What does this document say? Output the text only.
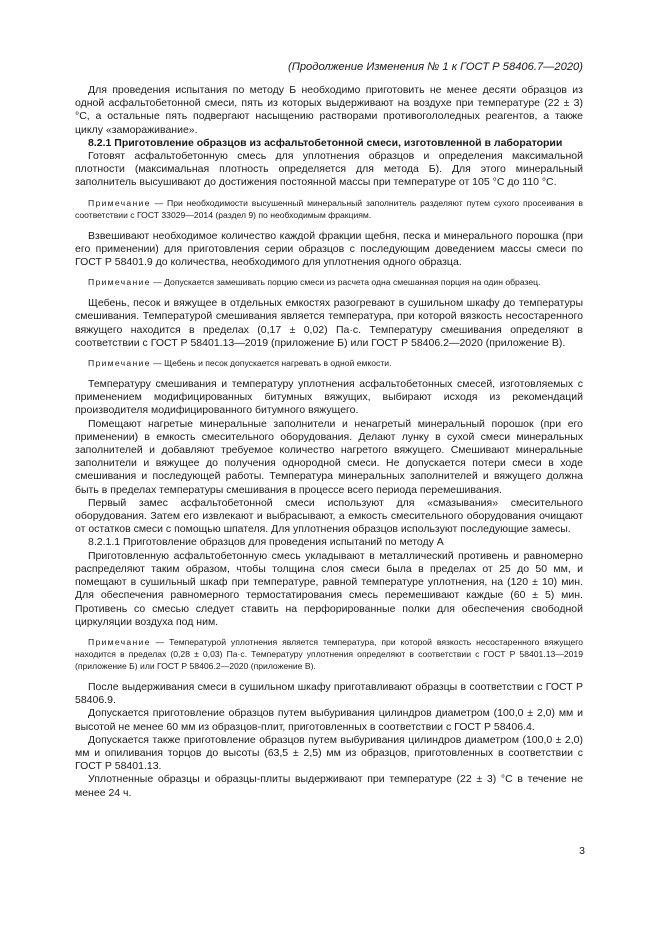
(Продолжение Изменения № 1 к ГОСТ Р 58406.7—2020)

Для проведения испытания по методу Б необходимо приготовить не менее десяти образцов из одной асфальтобетонной смеси, пять из которых выдерживают на воздухе при температуре (22 ± 3) °С, а остальные пять подвергают насыщению растворами противогололедных реагентов, а также циклу «замораживание».

8.2.1 Приготовление образцов из асфальтобетонной смеси, изготовленной в лаборатории

Готовят асфальтобетонную смесь для уплотнения образцов и определения максимальной плотности (максимальная плотность определяется для метода Б). Для этого минеральный заполнитель высушивают до достижения постоянной массы при температуре от 105 °С до 110 °С.

Примечание — При необходимости высушенный минеральный заполнитель разделяют путем сухого просеивания в соответствии с ГОСТ 33029—2014 (раздел 9) по необходимым фракциям.

Взвешивают необходимое количество каждой фракции щебня, песка и минерального порошка (при его применении) для приготовления серии образцов с последующим доведением массы смеси по ГОСТ Р 58401.9 до количества, необходимого для уплотнения одного образца.

Примечание — Допускается замешивать порцию смеси из расчета одна смешанная порция на один образец.

Щебень, песок и вяжущее в отдельных емкостях разогревают в сушильном шкафу до температуры смешивания. Температурой смешивания является температура, при которой вязкость несостаренного вяжущего находится в пределах (0,17 ± 0,02) Па·с. Температуру смешивания определяют в соответствии с ГОСТ Р 58401.13—2019 (приложение Б) или ГОСТ Р 58406.2—2020 (приложение В).

Примечание — Щебень и песок допускается нагревать в одной емкости.

Температуру смешивания и температуру уплотнения асфальтобетонных смесей, изготовляемых с применением модифицированных битумных вяжущих, выбирают исходя из рекомендаций производителя модифицированного битумного вяжущего.

Помещают нагретые минеральные заполнители и ненагретый минеральный порошок (при его применении) в емкость смесительного оборудования. Делают лунку в сухой смеси минеральных заполнителей и добавляют требуемое количество нагретого вяжущего. Смешивают минеральные заполнители и вяжущее до получения однородной смеси. Не допускается потери смеси в ходе смешивания и последующей работы. Температура минеральных заполнителей и вяжущего должна быть в пределах температуры смешивания в процессе всего периода перемешивания.

Первый замес асфальтобетонной смеси используют для «смазывания» смесительного оборудования. Затем его извлекают и выбрасывают, а емкость смесительного оборудования очищают от остатков смеси с помощью шпателя. Для уплотнения образцов используют последующие замесы.

8.2.1.1 Приготовление образцов для проведения испытаний по методу А

Приготовленную асфальтобетонную смесь укладывают в металлический противень и равномерно распределяют таким образом, чтобы толщина слоя смеси была в пределах от 25 до 50 мм, и помещают в сушильный шкаф при температуре, равной температуре уплотнения, на (120 ± 10) мин. Для обеспечения равномерного термостатирования смесь перемешивают каждые (60 ± 5) мин. Противень со смесью следует ставить на перфорированные полки для обеспечения свободной циркуляции воздуха под ним.

Примечание — Температурой уплотнения является температура, при которой вязкость несостаренного вяжущего находится в пределах (0,28 ± 0,03) Па·с. Температуру уплотнения определяют в соответствии с ГОСТ Р 58401.13—2019 (приложение Б) или ГОСТ Р 58406.2—2020 (приложение В).

После выдерживания смеси в сушильном шкафу приготавливают образцы в соответствии с ГОСТ Р 58406.9.

Допускается приготовление образцов путем выбуривания цилиндров диаметром (100,0 ± 2,0) мм и высотой не менее 60 мм из образцов-плит, приготовленных в соответствии с ГОСТ Р 58406.4.

Допускается также приготовление образцов путем выбуривания цилиндров диаметром (100,0 ± 2,0) мм и опиливания торцов до высоты (63,5 ± 2,5) мм из образцов, приготовленных в соответствии с ГОСТ Р 58401.13.

Уплотненные образцы и образцы-плиты выдерживают при температуре (22 ± 3) °С в течение не менее 24 ч.

3
